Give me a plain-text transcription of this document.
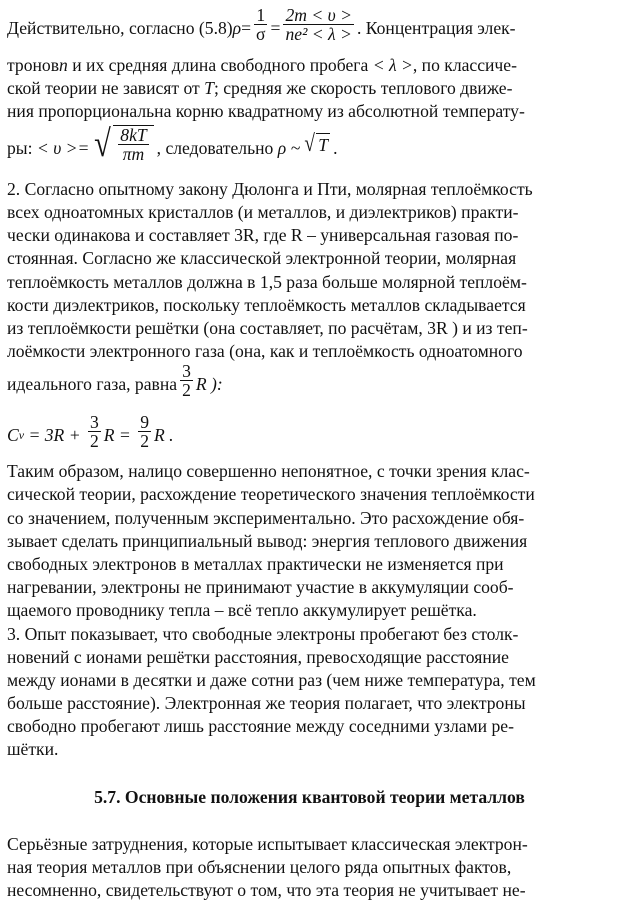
Действительно, согласно (5.8) $\rho = \frac{1}{\sigma} = \frac{2m < \upsilon >}{\text{ne² < λ >}}$ . Концентрация элек-
тронов n и их средняя длина свободного пробега < λ > , по классиче-
ской теории не зависят от
T ; средняя же скорость теплового движе-
ния пропорциональна корню квадратному из абсолютной температу-
ры:
< υ >= √ $\frac{8kT}{\pi m}$ , следовательно
ρ ~ √ T .
2. Согласно опытному закону Дюлонга и Пти, молярная теплоёмкость
всех одноатомных кристаллов (и металлов, и диэлектриков) практи-
чески одинакова и составляет 3R, где R – универсальная газовая по-
стоянная. Согласно же классической электронной теории, молярная
теплоёмкость металлов должна в 1,5 раза больше молярной теплоём-
кости диэлектриков, поскольку теплоёмкость металлов складывается
из теплоёмкости решётки (она составляет, по расчётам, 3R ) и из теп-
лоёмкости электронного газа (она, как и теплоёмкость одноатомного
идеального газа, равна $\frac{3}{2}$ R ):
C $v = 3R + \frac{3}{2}$ $R = \frac{9}{2}$ R .
Таким образом, налицо совершенно непонятное, с точки зрения клас-
сической теории, расхождение теоретического значения теплоёмкости
со значением, полученным экспериментально. Это расхождение обя-
зывает сделать принципиальный вывод: энергия теплового движения
свободных электронов в металлах практически не изменяется при
нагревании, электроны не принимают участие в аккумуляции сооб-
щаемого проводнику тепла – всё тепло аккумулирует решётка.
3. Опыт показывает, что свободные электроны пробегают без столк-
новений с ионами решётки расстояния, превосходящие расстояние
между ионами в десятки и даже сотни раз (чем ниже температура, тем
больше расстояние). Электронная же теория полагает, что электроны
свободно пробегают лишь расстояние между соседними узлами ре-
шётки.
5.7. Основные положения квантовой теории металлов
Серьёзные затруднения, которые испытывает классическая электрон-
ная теория металлов при объяснении целого ряда опытных фактов,
несомненно, свидетельствуют о том, что эта теория не учитывает не-
